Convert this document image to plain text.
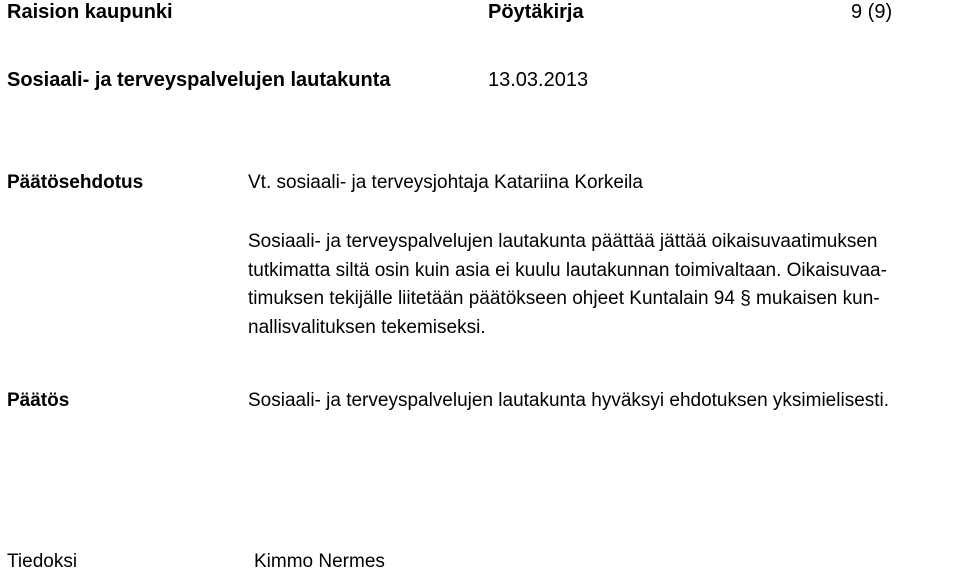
Raision kaupunki	Pöytäkirja	9 (9)
Sosiaali- ja terveyspalvelujen lautakunta	13.03.2013
Päätösehdotus	Vt. sosiaali- ja terveysjohtaja Katariina Korkeila
Sosiaali- ja terveyspalvelujen lautakunta päättää jättää oikaisuvaatimuksen
tutkimatta siltä osin kuin asia ei kuulu lautakunnan toimivaltaan. Oikaisuvaa-
timuksen tekijälle liitetään päätökseen ohjeet Kuntalain 94 § mukaisen kun-
nallisvalituksen tekemiseksi.
Päätös	Sosiaali- ja terveyspalvelujen lautakunta hyväksyi ehdotuksen yksimielisesti.
Tiedoksi	Kimmo Nermes
